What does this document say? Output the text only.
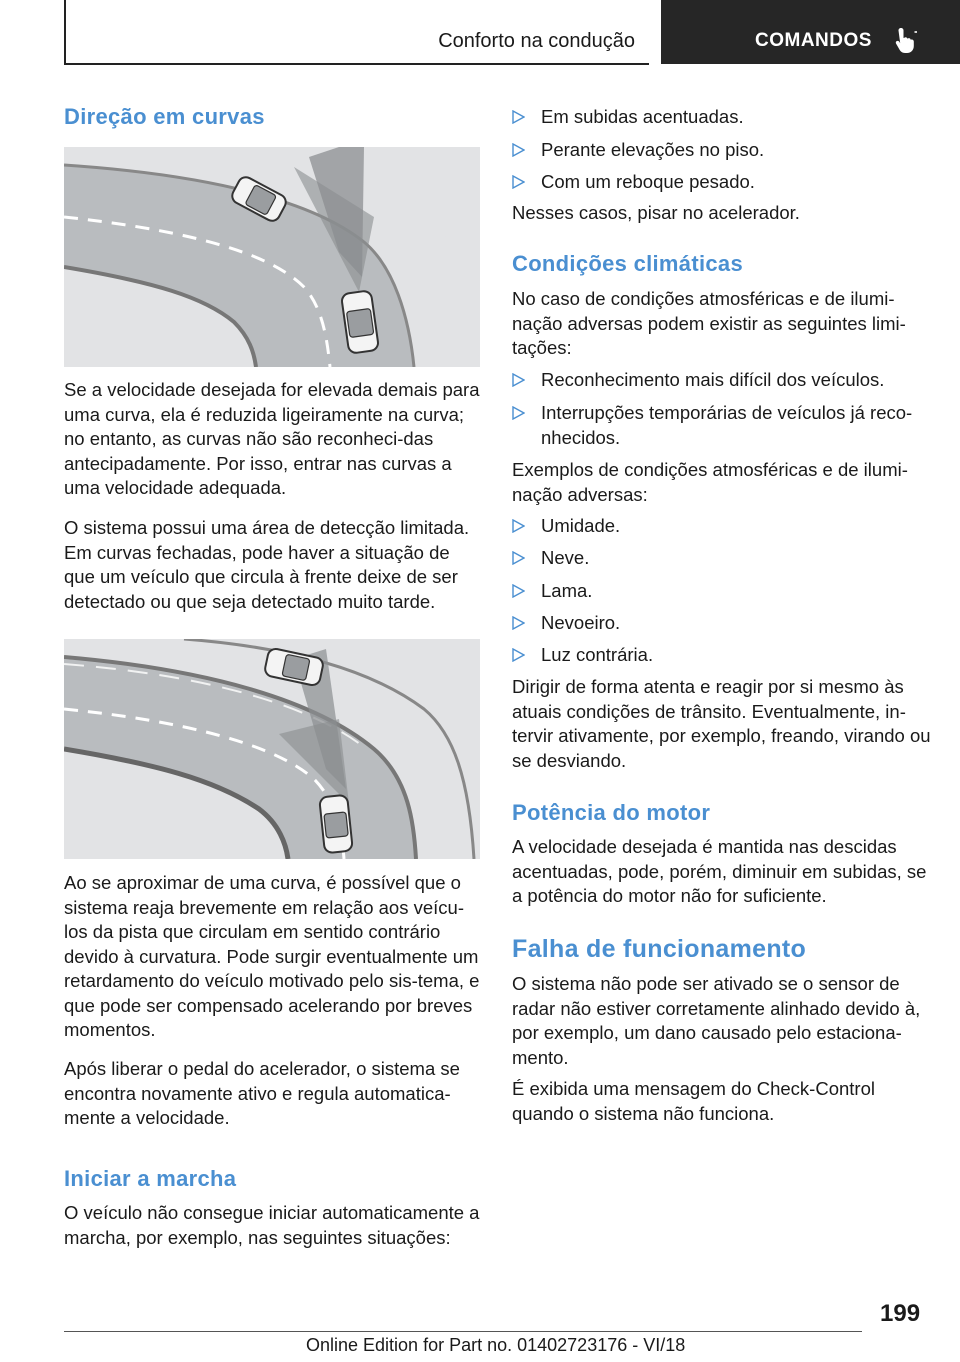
Conforto na condução	COMANDOS
Direção em curvas

Se a velocidade desejada for elevada demais para uma curva, ela é reduzida ligeiramente na curva; no entanto, as curvas não são reconheci‐das antecipadamente. Por isso, entrar nas curvas a uma velocidade adequada.

O sistema possui uma área de detecção limitada. Em curvas fechadas, pode haver a situação de que um veículo que circula à frente deixe de ser detectado ou que seja detectado muito tarde.

Ao se aproximar de uma curva, é possível que o sistema reaja brevemente em relação aos veícu‐los da pista que circulam em sentido contrário devido à curvatura. Pode surgir eventualmente um retardamento do veículo motivado pelo sis‐tema, e que pode ser compensado acelerando por breves momentos.

Após liberar o pedal do acelerador, o sistema se encontra novamente ativo e regula automatica‐mente a velocidade.

Iniciar a marcha

O veículo não consegue iniciar automaticamente a marcha, por exemplo, nas seguintes situações:

Em subidas acentuadas.
Perante elevações no piso.
Com um reboque pesado.

Nesses casos, pisar no acelerador.

Condições climáticas

No caso de condições atmosféricas e de ilumi‐nação adversas podem existir as seguintes limi‐tações:

Reconhecimento mais difícil dos veículos.
Interrupções temporárias de veículos já reco‐nhecidos.

Exemplos de condições atmosféricas e de ilumi‐nação adversas:

Umidade.
Neve.
Lama.
Nevoeiro.
Luz contrária.

Dirigir de forma atenta e reagir por si mesmo às atuais condições de trânsito. Eventualmente, in‐tervir ativamente, por exemplo, freando, virando ou se desviando.

Potência do motor

A velocidade desejada é mantida nas descidas acentuadas, pode, porém, diminuir em subidas, se a potência do motor não for suficiente.

Falha de funcionamento

O sistema não pode ser ativado se o sensor de radar não estiver corretamente alinhado devido à, por exemplo, um dano causado pelo estaciona‐mento.

É exibida uma mensagem do Check-Control quando o sistema não funciona.

199
Online Edition for Part no. 01402723176 - VI/18
